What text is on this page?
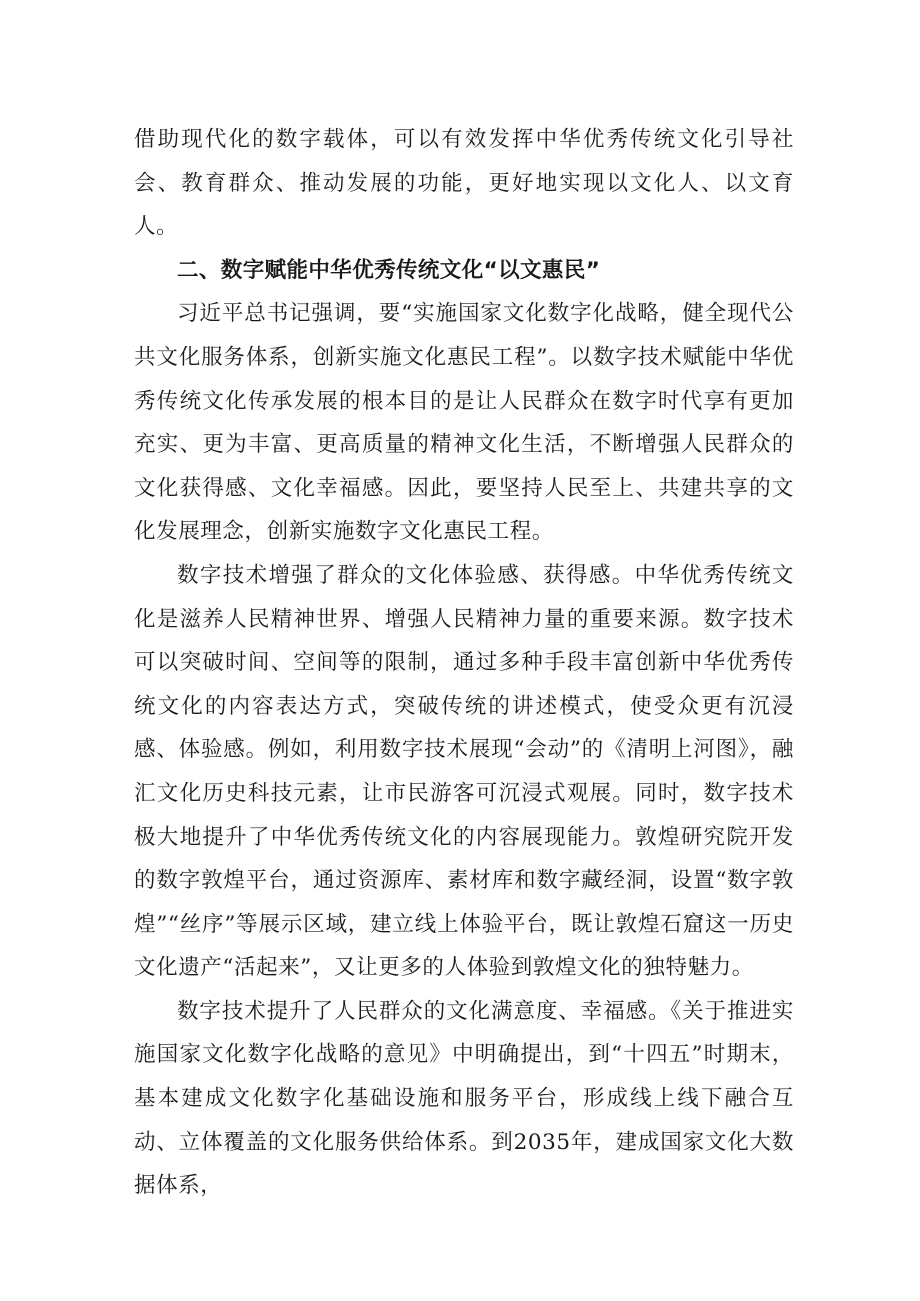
借助现代化的数字载体，可以有效发挥中华优秀传统文化引导社会、教育群众、推动发展的功能，更好地实现以文化人、以文育人。

二、数字赋能中华优秀传统文化“以文惠民”

习近平总书记强调，要“实施国家文化数字化战略，健全现代公共文化服务体系，创新实施文化惠民工程”。以数字技术赋能中华优秀传统文化传承发展的根本目的是让人民群众在数字时代享有更加充实、更为丰富、更高质量的精神文化生活，不断增强人民群众的文化获得感、文化幸福感。因此，要坚持人民至上、共建共享的文化发展理念，创新实施数字文化惠民工程。

数字技术增强了群众的文化体验感、获得感。中华优秀传统文化是滋养人民精神世界、增强人民精神力量的重要来源。数字技术可以突破时间、空间等的限制，通过多种手段丰富创新中华优秀传统文化的内容表达方式，突破传统的讲述模式，使受众更有沉浸感、体验感。例如，利用数字技术展现“会动”的《清明上河图》，融汇文化历史科技元素，让市民游客可沉浸式观展。同时，数字技术极大地提升了中华优秀传统文化的内容展现能力。敦煌研究院开发的数字敦煌平台，通过资源库、素材库和数字藏经洞，设置“数字敦煌”“丝序”等展示区域，建立线上体验平台，既让敦煌石窟这一历史文化遗产“活起来”，又让更多的人体验到敦煌文化的独特魅力。

数字技术提升了人民群众的文化满意度、幸福感。《关于推进实施国家文化数字化战略的意见》中明确提出，到“十四五”时期末，基本建成文化数字化基础设施和服务平台，形成线上线下融合互动、立体覆盖的文化服务供给体系。到2035年，建成国家文化大数据体系，
